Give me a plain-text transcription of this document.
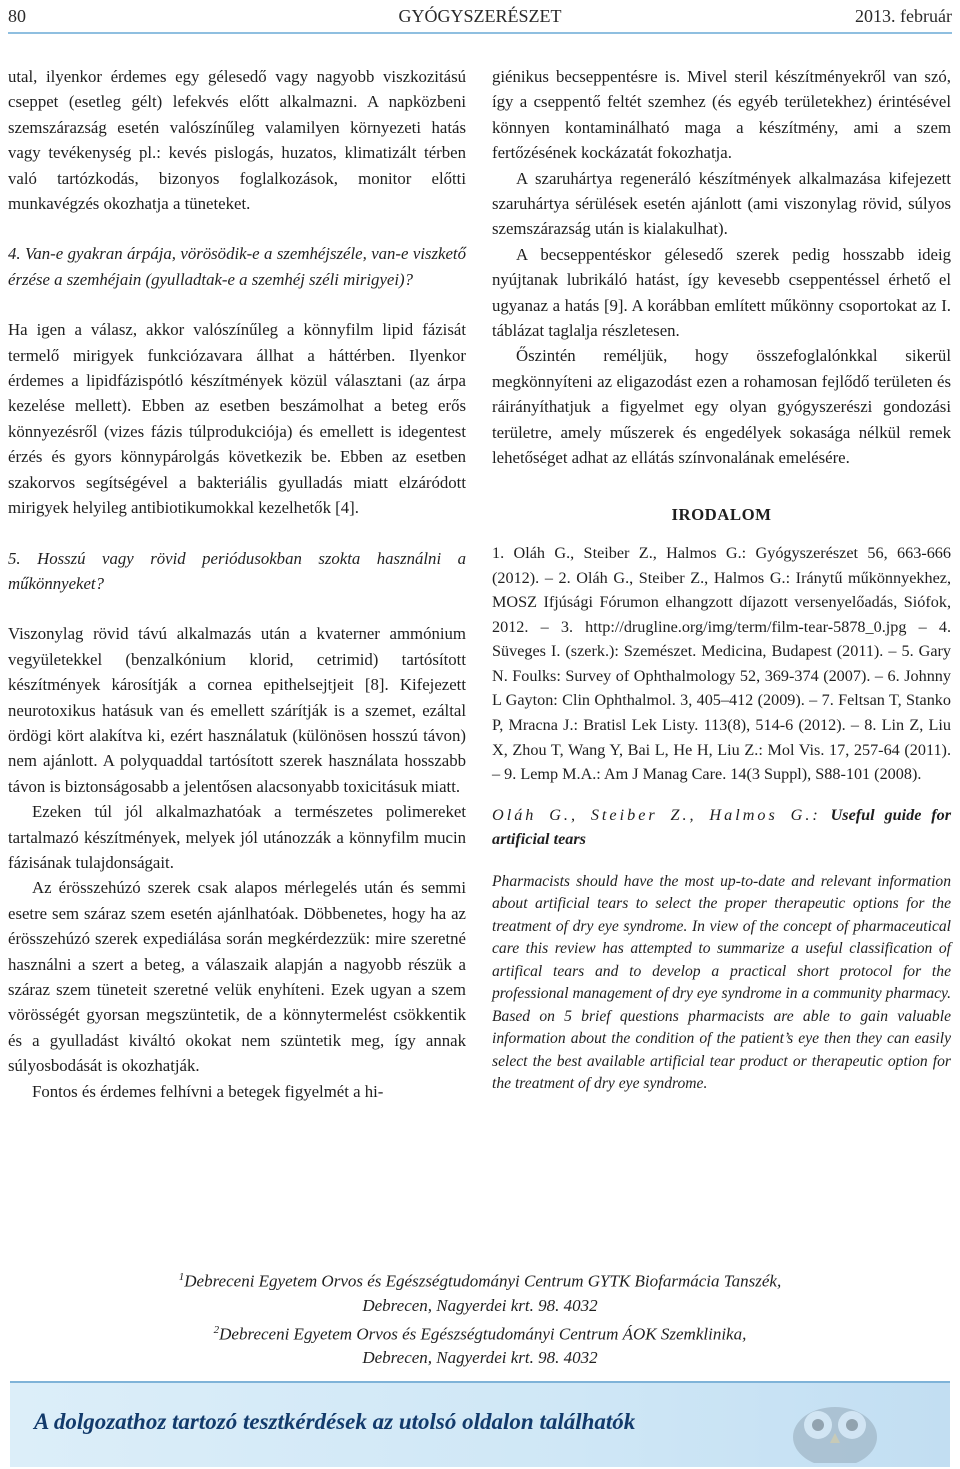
80	GYÓGYSZERÉSZET	2013. február

utal, ilyenkor érdemes egy gélesedő vagy nagyobb viszkozitású cseppet (esetleg gélt) lefekvés előtt alkalmazni. A napközbeni szemszárazság esetén valószínűleg valamilyen környezeti hatás vagy tevékenység pl.: kevés pislogás, huzatos, klimatizált térben való tartózkodás, bizonyos foglalkozások, monitor előtti munkavégzés okozhatja a tüneteket.

4. Van-e gyakran árpája, vörösödik-e a szemhéjszéle, van-e viszkető érzése a szemhéjain (gyulladtak-e a szemhéj széli mirigyei)?

Ha igen a válasz, akkor valószínűleg a könnyfilm lipid fázisát termelő mirigyek funkciózavara állhat a háttérben. Ilyenkor érdemes a lipidfázispótló készítmények közül választani (az árpa kezelése mellett). Ebben az esetben beszámolhat a beteg erős könnyezésről (vizes fázis túlprodukciója) és emellett is idegentest érzés és gyors könnypárolgás következik be. Ebben az esetben szakorvos segítségével a bakteriális gyulladás miatt elzáródott mirigyek helyileg antibiotikumokkal kezelhetők [4].

5. Hosszú vagy rövid periódusokban szokta használni a műkönnyeket?

Viszonylag rövid távú alkalmazás után a kvaterner ammónium vegyületekkel (benzalkónium klorid, cetrimid) tartósított készítmények károsítják a cornea epithelsejtjeit [8]. Kifejezett neurotoxikus hatásuk van és emellett szárítják is a szemet, ezáltal ördögi kört alakítva ki, ezért használatuk (különösen hosszú távon) nem ajánlott. A polyquaddal tartósított szerek használata hosszabb távon is biztonságosabb a jelentősen alacsonyabb toxicitásuk miatt.

Ezeken túl jól alkalmazhatóak a természetes polimereket tartalmazó készítmények, melyek jól utánozzák a könnyfilm mucin fázisának tulajdonságait.

Az érösszehúzó szerek csak alapos mérlegelés után és semmi esetre sem száraz szem esetén ajánlhatóak. Döbbenetes, hogy ha az érösszehúzó szerek expediálása során megkérdezzük: mire szeretné használni a szert a beteg, a válaszaik alapján a nagyobb részük a száraz szem tüneteit szeretné velük enyhíteni. Ezek ugyan a szem vörösségét gyorsan megszüntetik, de a könnytermelést csökkentik és a gyulladást kiváltó okokat nem szüntetik meg, így annak súlyosbodását is okozhatják.

Fontos és érdemes felhívni a betegek figyelmét a hi-

giénikus becseppentésre is. Mivel steril készítményekről van szó, így a cseppentő feltét szemhez (és egyéb területekhez) érintésével könnyen kontaminálható maga a készítmény, ami a szem fertőzésének kockázatát fokozhatja.

A szaruhártya regeneráló készítmények alkalmazása kifejezett szaruhártya sérülések esetén ajánlott (ami viszonylag rövid, súlyos szemszárazság után is kialakulhat).

A becseppentéskor gélesedő szerek pedig hosszabb ideig nyújtanak lubrikáló hatást, így kevesebb cseppentéssel érhető el ugyanaz a hatás [9]. A korábban említett műkönny csoportokat az I. táblázat taglalja részletesen.

Őszintén reméljük, hogy összefoglalónkkal sikerül megkönnyíteni az eligazodást ezen a rohamosan fejlődő területen és ráirányíthatjuk a figyelmet egy olyan gyógyszerészi gondozási területre, amely műszerek és engedélyek sokasága nélkül remek lehetőséget adhat az ellátás színvonalának emelésére.

IRODALOM

1. Oláh G., Steiber Z., Halmos G.: Gyógyszerészet 56, 663-666 (2012). – 2. Oláh G., Steiber Z., Halmos G.: Iránytű műkönnyekhez, MOSZ Ifjúsági Fórumon elhangzott díjazott versenyelőadás, Siófok, 2012. – 3. http://drugline.org/img/term/film-tear-5878_0.jpg – 4. Süveges I. (szerk.): Szemészet. Medicina, Budapest (2011). – 5. Gary N. Foulks: Survey of Ophthalmology 52, 369-374 (2007). – 6. Johnny L Gayton: Clin Ophthalmol. 3, 405–412 (2009). – 7. Feltsan T, Stanko P, Mracna J.: Bratisl Lek Listy. 113(8), 514-6 (2012). – 8. Lin Z, Liu X, Zhou T, Wang Y, Bai L, He H, Liu Z.: Mol Vis. 17, 257-64 (2011). – 9. Lemp M.A.: Am J Manag Care. 14(3 Suppl), S88-101 (2008).

Oláh G., Steiber Z., Halmos G.: Useful guide for artificial tears

Pharmacists should have the most up-to-date and relevant information about artificial tears to select the proper therapeutic options for the treatment of dry eye syndrome. In view of the concept of pharmaceutical care this review has attempted to summarize a useful classification of artifical tears and to develop a practical short protocol for the professional management of dry eye syndrome in a community pharmacy. Based on 5 brief questions pharmacists are able to gain valuable information about the condition of the patient’s eye then they can easily select the best available artificial tear product or therapeutic option for the treatment of dry eye syndrome.

$^1$Debreceni Egyetem Orvos és Egészségtudományi Centrum GYTK Biofarmácia Tanszék,
Debrecen, Nagyerdei krt. 98. 4032
$^2$Debreceni Egyetem Orvos és Egészségtudományi Centrum ÁOK Szemklinika,
Debrecen, Nagyerdei krt. 98. 4032
A dolgozathoz tartozó tesztkérdések az utolsó oldalon találhatók
